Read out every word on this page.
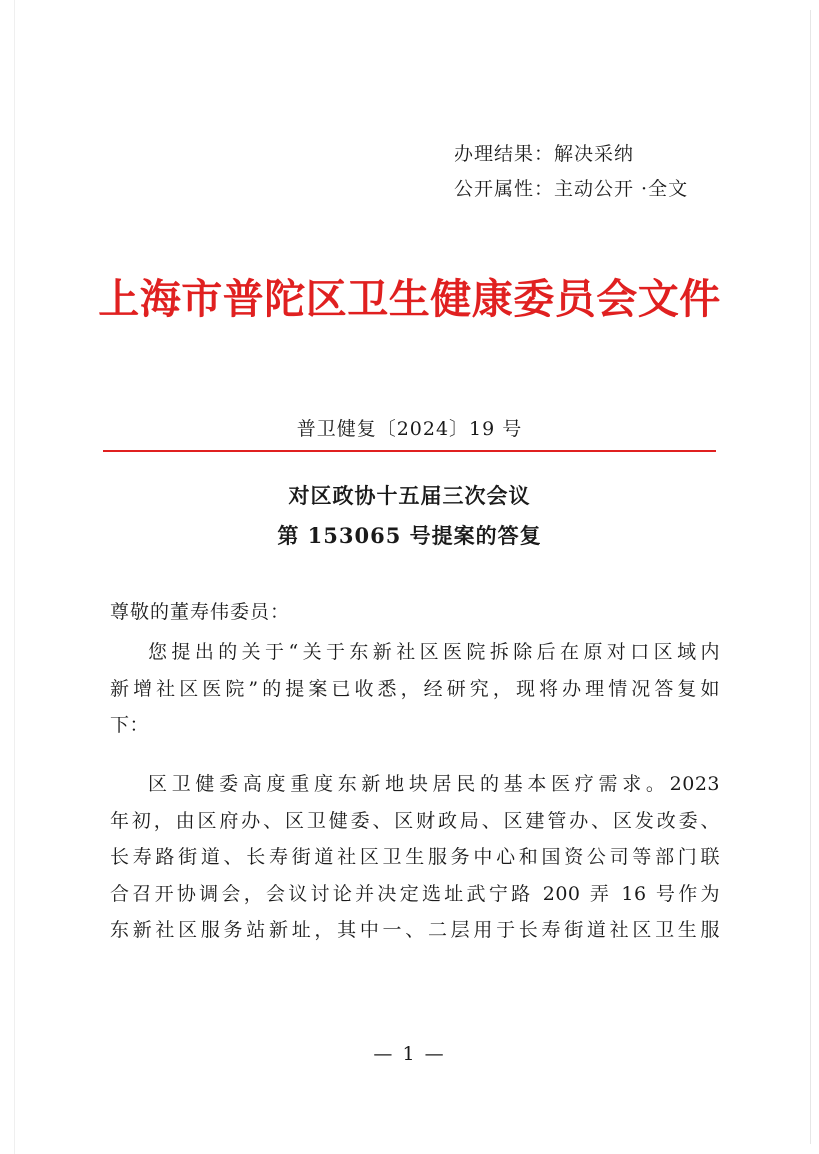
办理结果：解决采纳
公开属性：主动公开 ·全文
上海市普陀区卫生健康委员会文件
普卫健复〔2024〕19 号
对区政协十五届三次会议
第 153065 号提案的答复
尊敬的董寿伟委员：
您提出的关于“关于东新社区医院拆除后在原对口区域内
新增社区医院”的提案已收悉，经研究，现将办理情况答复如
下：
区卫健委高度重度东新地块居民的基本医疗需求。2023
年初，由区府办、区卫健委、区财政局、区建管办、区发改委、
长寿路街道、长寿街道社区卫生服务中心和国资公司等部门联
合召开协调会，会议讨论并决定选址武宁路 200 弄 16 号作为
东新社区服务站新址，其中一、二层用于长寿街道社区卫生服
— 1 —
